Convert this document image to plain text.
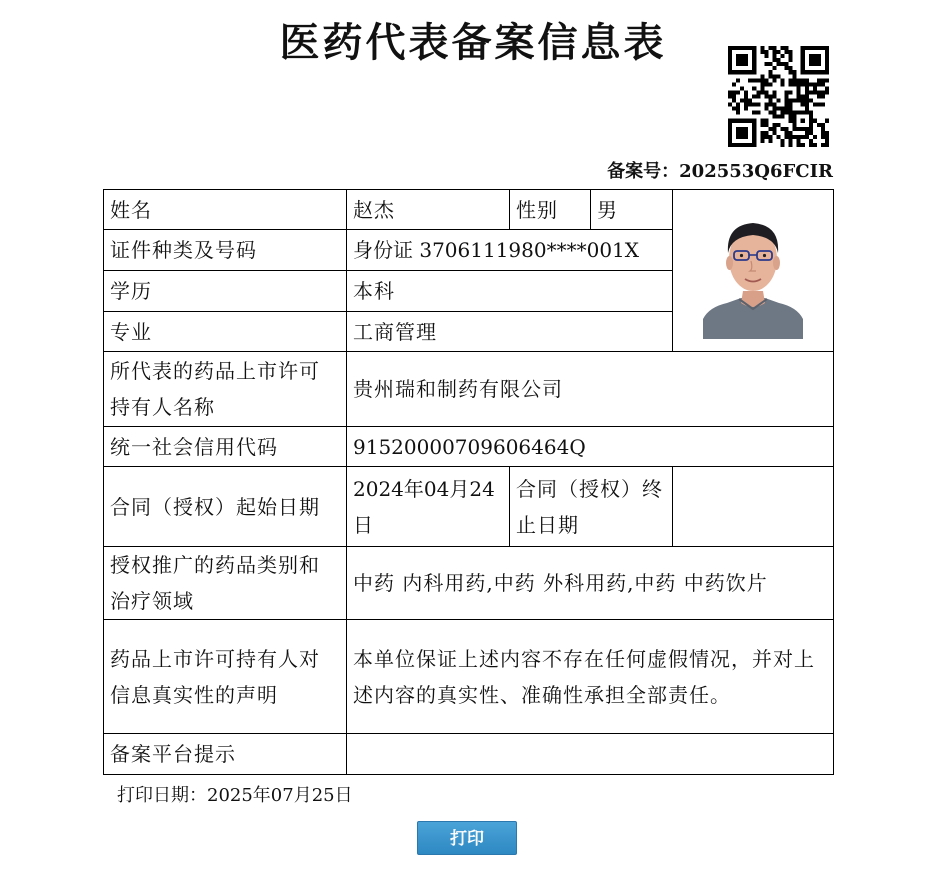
医药代表备案信息表
备案号：202553Q6FCIR
姓名	赵杰	性别	男	

证件种类及号码	身份证 3706111980****001X			
学历	本科			
专业	工商管理			
所代表的药品上市许可持有人名称	贵州瑞和制药有限公司			
统一社会信用代码	91520000709606464Q			
合同（授权）起始日期	2024年04月24日	合同（授权）终止日期		
授权推广的药品类别和治疗领域	中药 内科用药,中药 外科用药,中药 中药饮片			
药品上市许可持有人对信息真实性的声明	本单位保证上述内容不存在任何虚假情况，并对上述内容的真实性、准确性承担全部责任。			
备案平台提示				
打印日期：2025年07月25日
打印
